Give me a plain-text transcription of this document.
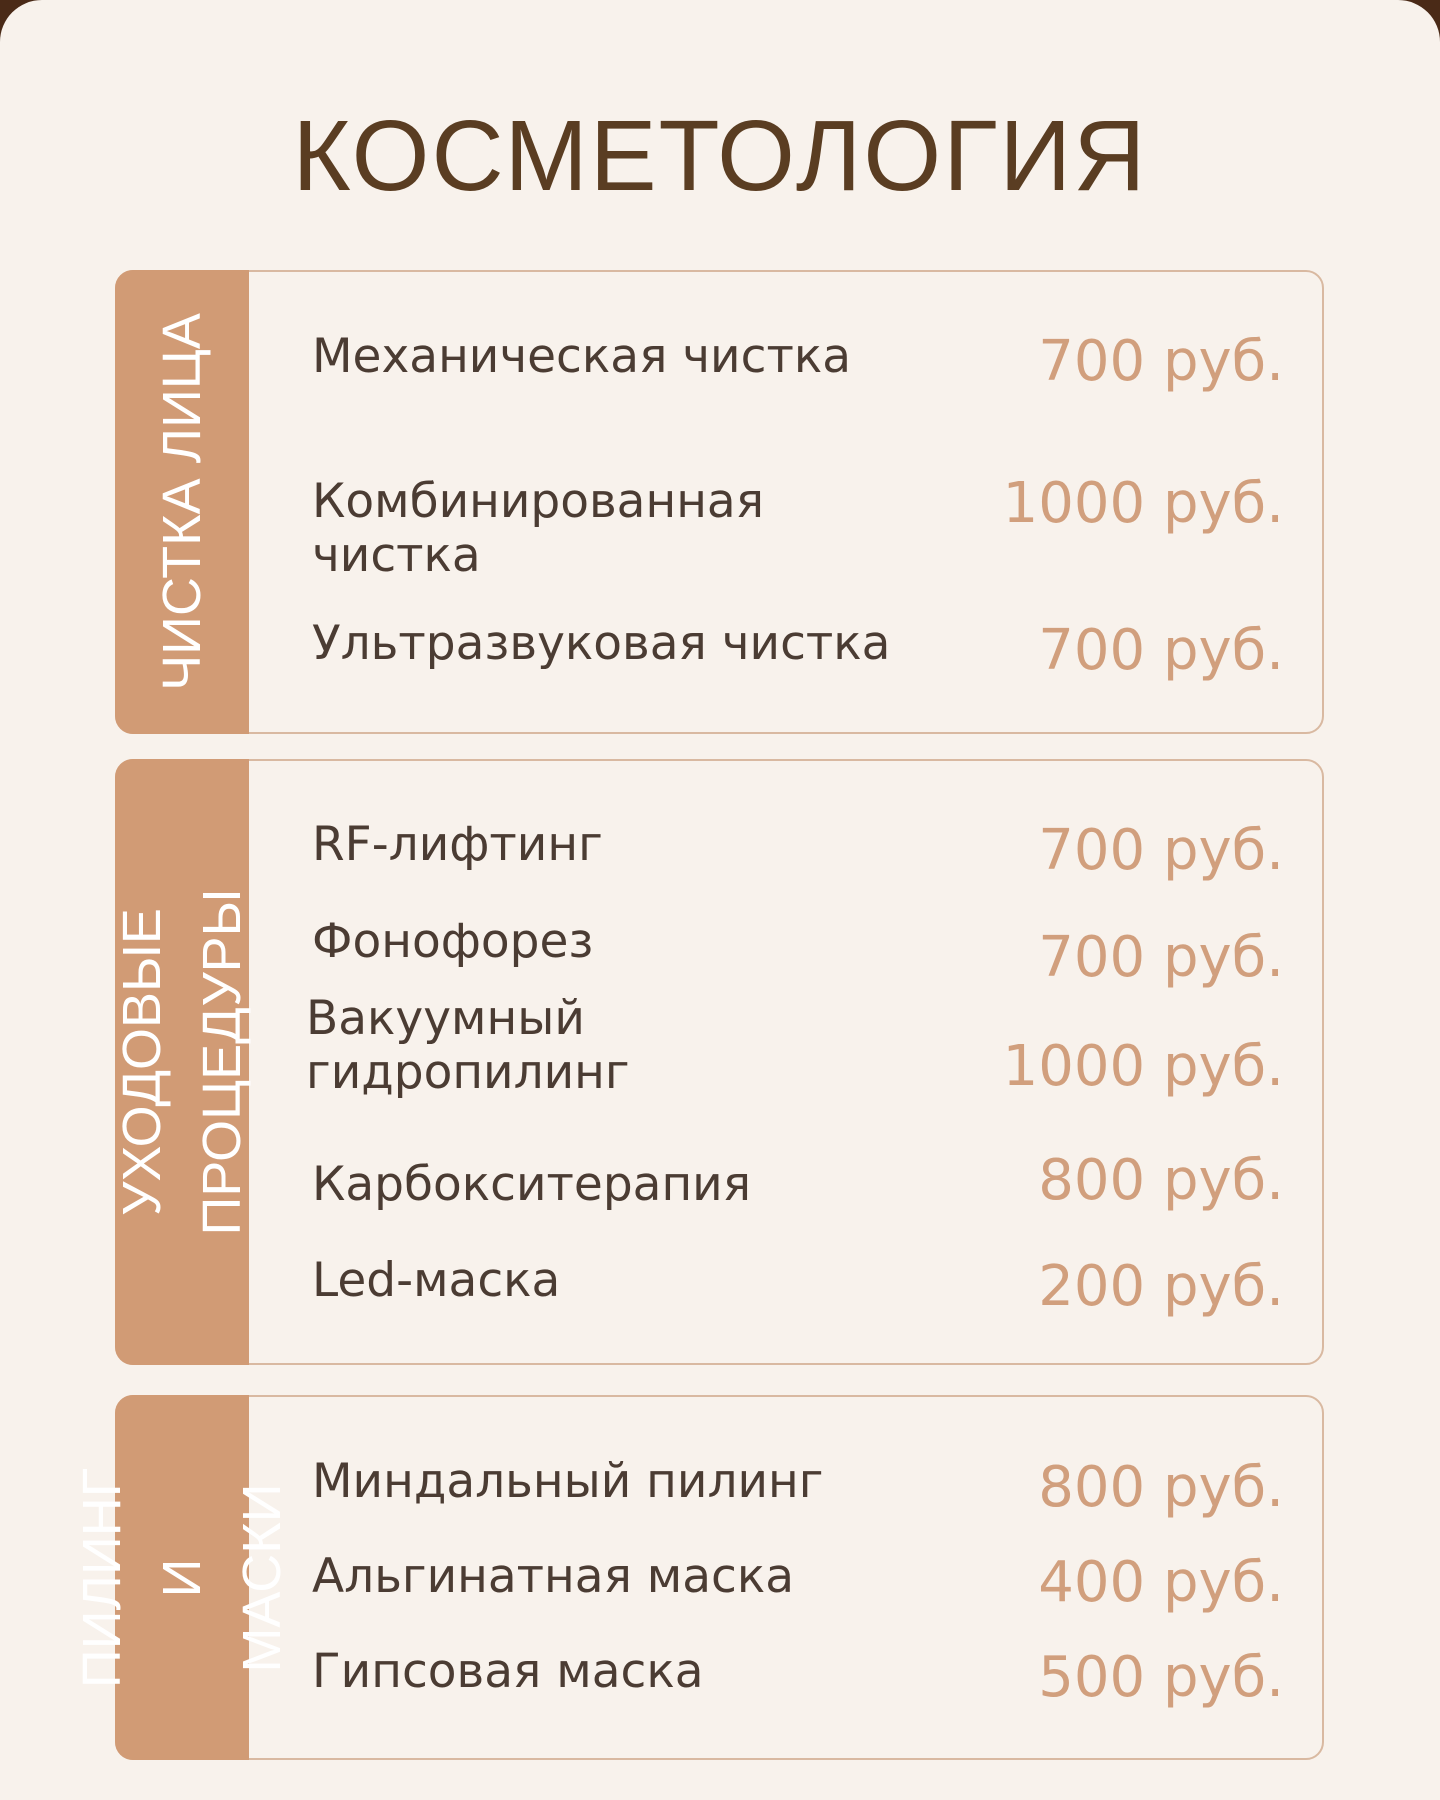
КОСМЕТОЛОГИЯ
ЧИСТКА ЛИЦА Механическая чистка	700 руб.
Комбинированная
чистка
1000 руб.
Ультразвуковая чистка	700 руб.
УХОДОВЫЕ
ПРОЦЕДУРЫ
RF-лифтинг	700 руб.
Фонофорез	700 руб.
Вакуумный
гидропилинг	1000 руб.
Карбокситерапия	800 руб.
Led-маска	200 руб.
ПИЛИНГ И
МАСКИ
Миндальный пилинг	800 руб.
Альгинатная маска	400 руб.
Гипсовая маска	500 руб.
